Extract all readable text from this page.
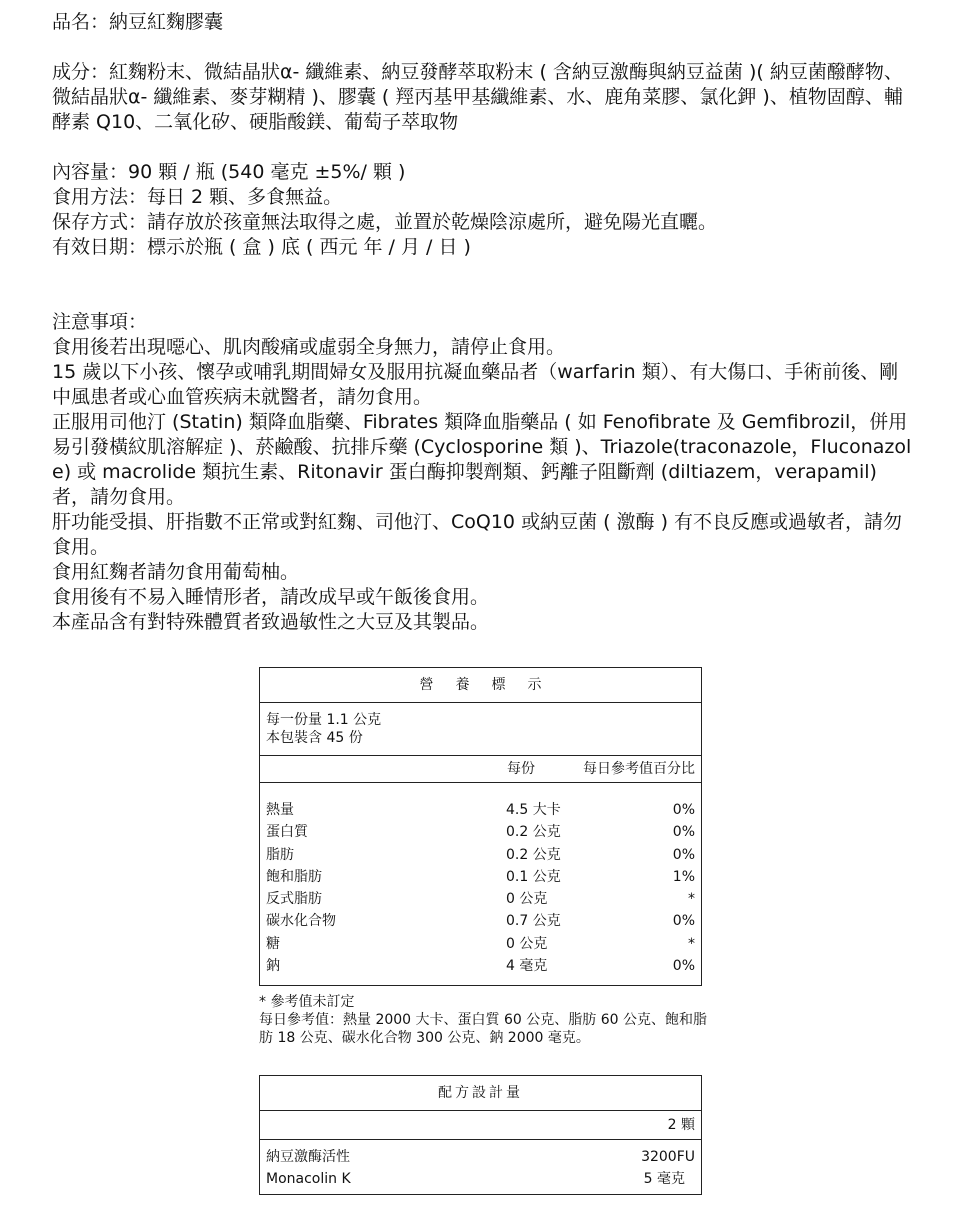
品名：納豆紅麴膠囊

成分：紅麴粉末、微結晶狀α- 纖維素、納豆發酵萃取粉末 ( 含納豆激酶與納豆益菌 )( 納豆菌醱酵物、微結晶狀α- 纖維素、麥芽糊精 )、膠囊 ( 羥丙基甲基纖維素、水、鹿角菜膠、氯化鉀 )、植物固醇、輔酵素 Q10、二氧化矽、硬脂酸鎂、葡萄子萃取物

內容量：90 顆 / 瓶 (540 毫克 ±5%/ 顆 )

食用方法：每日 2 顆、多食無益。

保存方式：請存放於孩童無法取得之處，並置於乾燥陰涼處所，避免陽光直曬。

有效日期：標示於瓶 ( 盒 ) 底 ( 西元 年 / 月 / 日 )

注意事項：

食用後若出現噁心、肌肉酸痛或虛弱全身無力，請停止食用。

15 歲以下小孩、懷孕或哺乳期間婦女及服用抗凝血藥品者（warfarin 類）、有大傷口、手術前後、剛中風患者或心血管疾病未就醫者，請勿食用。

正服用司他汀 (Statin) 類降血脂藥、Fibrates 類降血脂藥品 ( 如 Fenofibrate 及 Gemfibrozil，併用易引發橫紋肌溶解症 )、菸鹼酸、抗排斥藥 (Cyclosporine 類 )、Triazole(traconazole，Fluconazole) 或 macrolide 類抗生素、Ritonavir 蛋白酶抑製劑類、鈣離子阻斷劑 (diltiazem，verapamil) 者，請勿食用。

肝功能受損、肝指數不正常或對紅麴、司他汀、CoQ10 或納豆菌 ( 激酶 ) 有不良反應或過敏者，請勿食用。

食用紅麴者請勿食用葡萄柚。

食用後有不易入睡情形者，請改成早或午飯後食用。

本產品含有對特殊體質者致過敏性之大豆及其製品。

營養標示
每一份量 1.1 公克
本包裝含 45 份
每份	每日參考值百分比
熱量	4.5 大卡	0%
蛋白質	0.2 公克	0%
脂肪	0.2 公克	0%
飽和脂肪	0.1 公克	1%
反式脂肪	0 公克	*
碳水化合物	0.7 公克	0%
糖	0 公克	*
鈉	4 毫克	0%

* 參考值未訂定

每日參考值：熱量 2000 大卡、蛋白質 60 公克、脂肪 60 公克、飽和脂肪 18 公克、碳水化合物 300 公克、鈉 2000 毫克。

配方設計量
2 顆
納豆激酶活性	3200FU
Monacolin K	5 毫克
